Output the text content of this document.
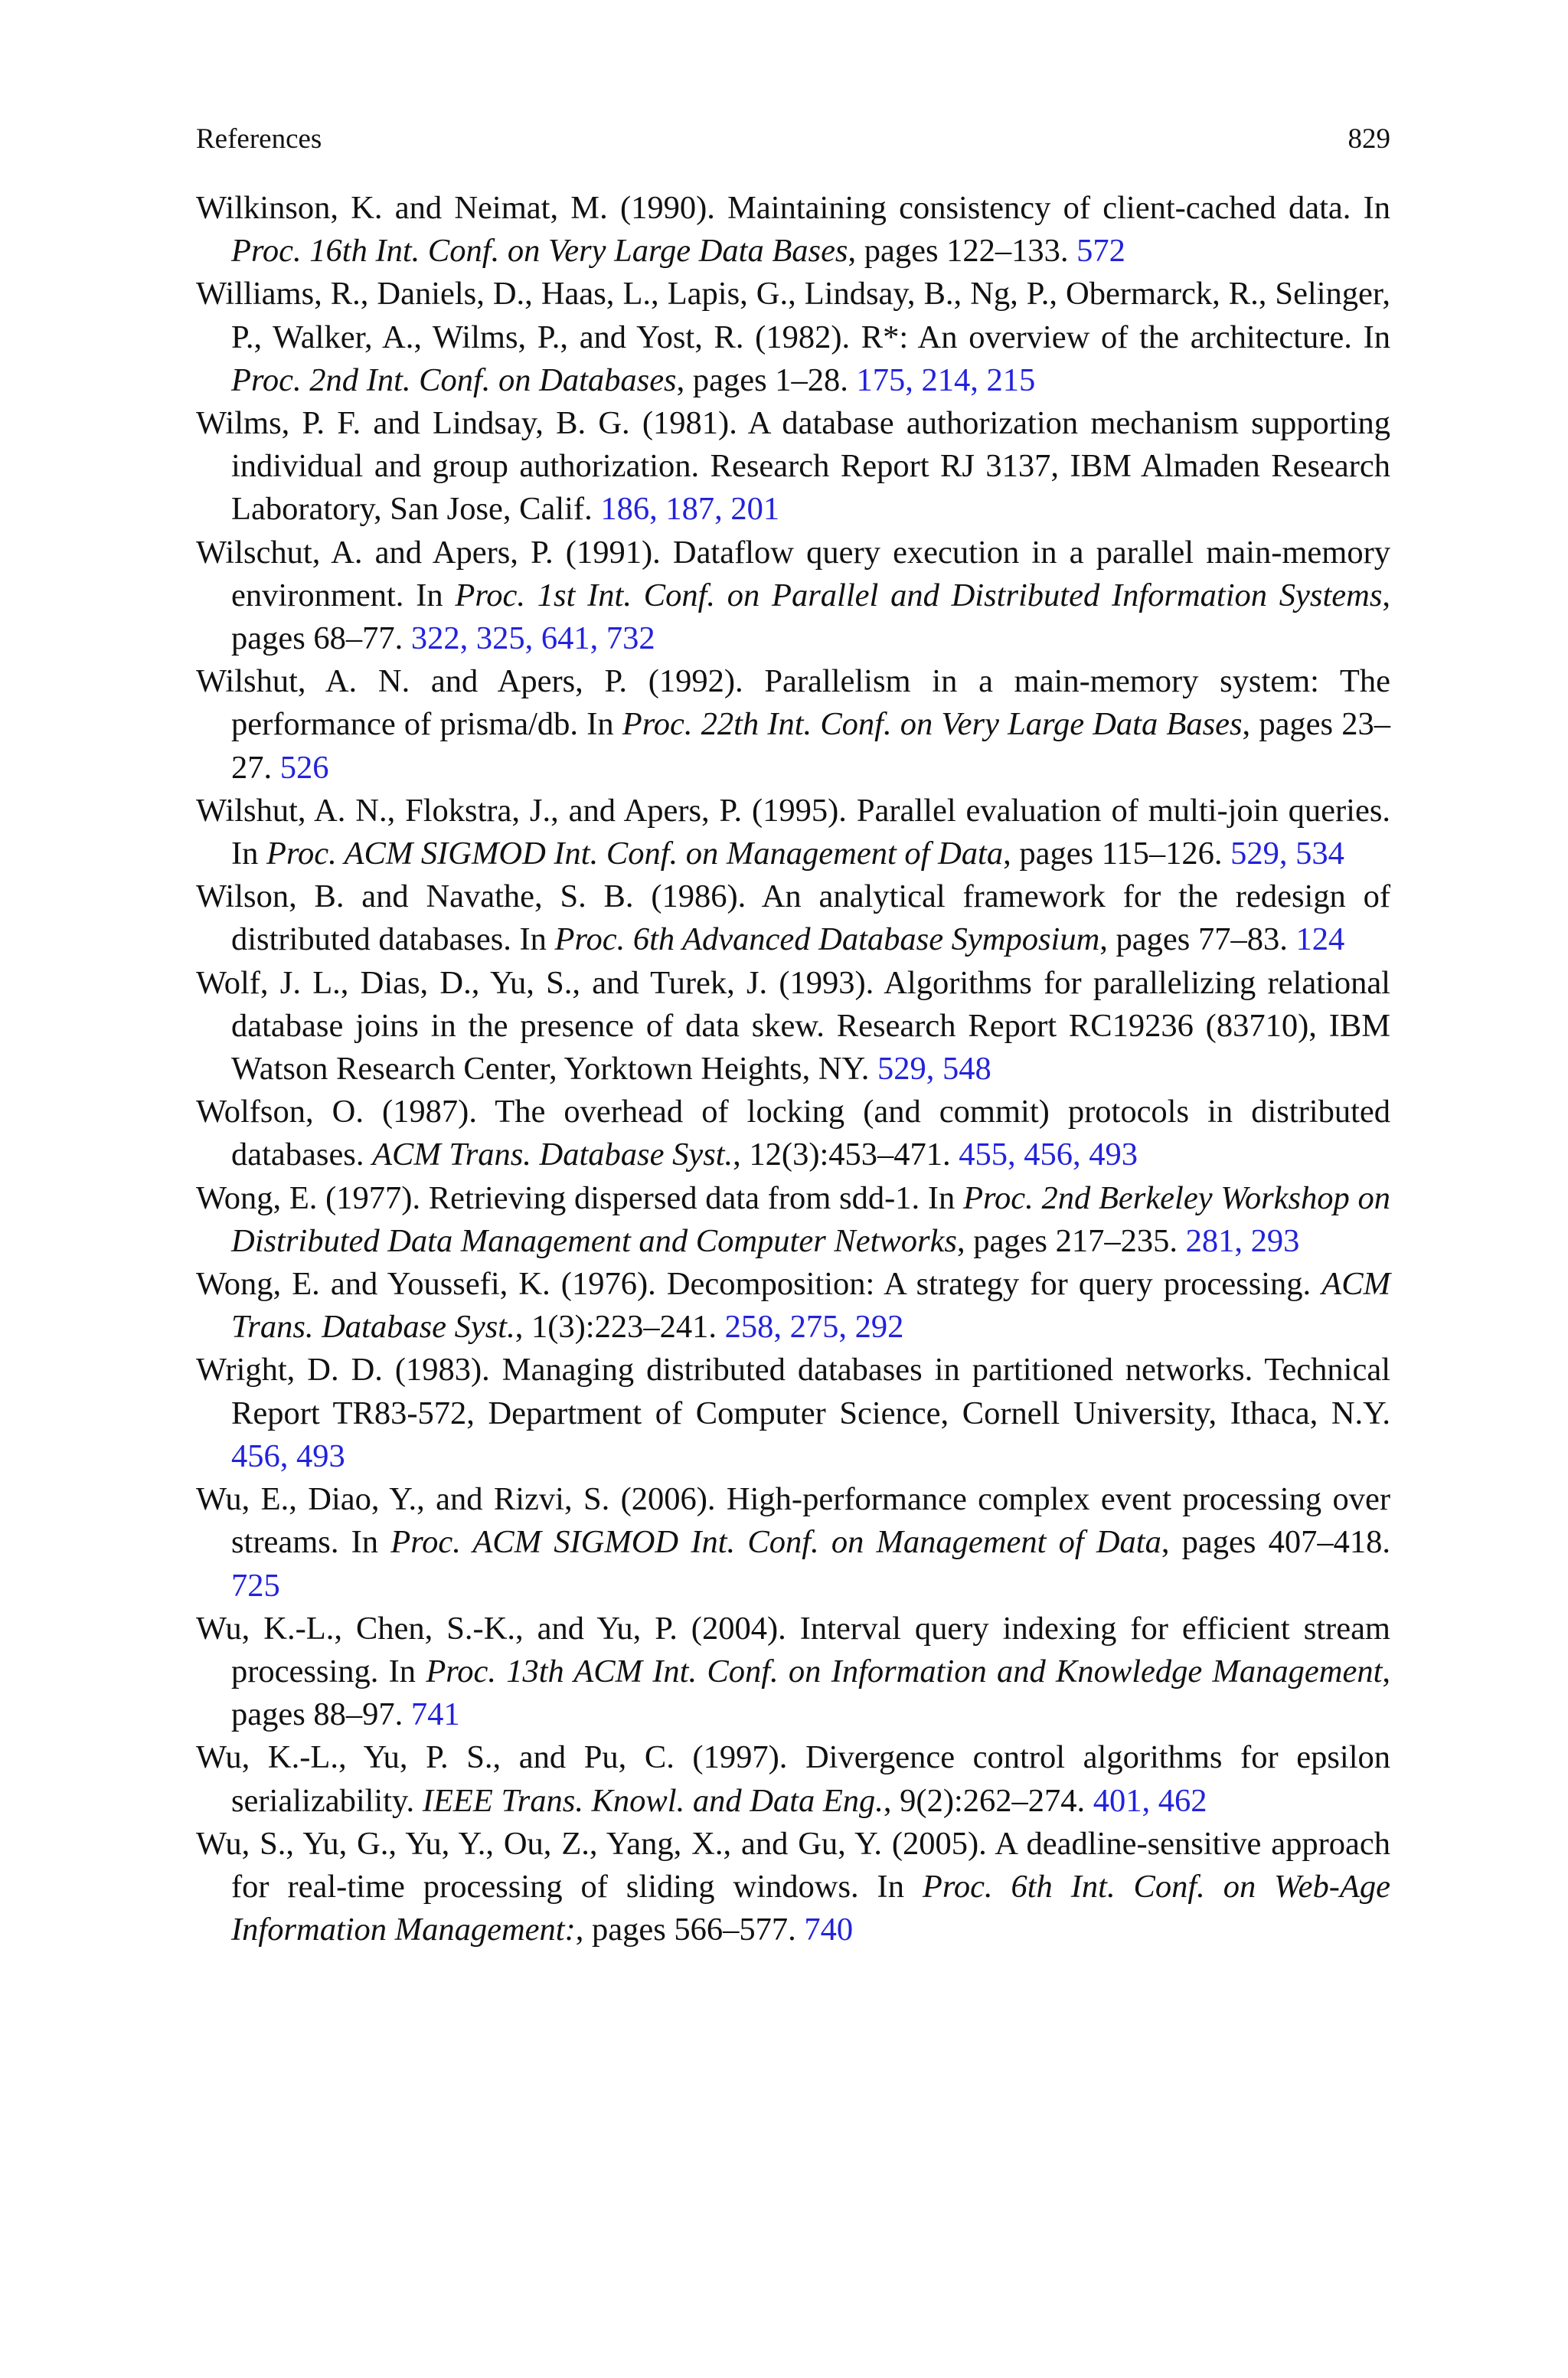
References	829
Wilkinson, K. and Neimat, M. (1990). Maintaining consistency of client-cached data. In Proc. 16th Int. Conf. on Very Large Data Bases, pages 122–133. 572
Williams, R., Daniels, D., Haas, L., Lapis, G., Lindsay, B., Ng, P., Obermarck, R., Selinger, P., Walker, A., Wilms, P., and Yost, R. (1982). R*: An overview of the architecture. In Proc. 2nd Int. Conf. on Databases, pages 1–28. 175, 214, 215
Wilms, P. F. and Lindsay, B. G. (1981). A database authorization mechanism supporting individual and group authorization. Research Report RJ 3137, IBM Almaden Research Laboratory, San Jose, Calif. 186, 187, 201
Wilschut, A. and Apers, P. (1991). Dataflow query execution in a parallel main-memory environment. In Proc. 1st Int. Conf. on Parallel and Distributed Information Systems, pages 68–77. 322, 325, 641, 732
Wilshut, A. N. and Apers, P. (1992). Parallelism in a main-memory system: The performance of prisma/db. In Proc. 22th Int. Conf. on Very Large Data Bases, pages 23–27. 526
Wilshut, A. N., Flokstra, J., and Apers, P. (1995). Parallel evaluation of multi-join queries. In Proc. ACM SIGMOD Int. Conf. on Management of Data, pages 115–126. 529, 534
Wilson, B. and Navathe, S. B. (1986). An analytical framework for the redesign of distributed databases. In Proc. 6th Advanced Database Symposium, pages 77–83. 124
Wolf, J. L., Dias, D., Yu, S., and Turek, J. (1993). Algorithms for parallelizing relational database joins in the presence of data skew. Research Report RC19236 (83710), IBM Watson Research Center, Yorktown Heights, NY. 529, 548
Wolfson, O. (1987). The overhead of locking (and commit) protocols in distributed databases. ACM Trans. Database Syst., 12(3):453–471. 455, 456, 493
Wong, E. (1977). Retrieving dispersed data from sdd-1. In Proc. 2nd Berkeley Workshop on Distributed Data Management and Computer Networks, pages 217–235. 281, 293
Wong, E. and Youssefi, K. (1976). Decomposition: A strategy for query processing. ACM Trans. Database Syst., 1(3):223–241. 258, 275, 292
Wright, D. D. (1983). Managing distributed databases in partitioned networks. Technical Report TR83-572, Department of Computer Science, Cornell University, Ithaca, N.Y. 456, 493
Wu, E., Diao, Y., and Rizvi, S. (2006). High-performance complex event processing over streams. In Proc. ACM SIGMOD Int. Conf. on Management of Data, pages 407–418. 725
Wu, K.-L., Chen, S.-K., and Yu, P. (2004). Interval query indexing for efficient stream processing. In Proc. 13th ACM Int. Conf. on Information and Knowledge Management, pages 88–97. 741
Wu, K.-L., Yu, P. S., and Pu, C. (1997). Divergence control algorithms for epsilon serializability. IEEE Trans. Knowl. and Data Eng., 9(2):262–274. 401, 462
Wu, S., Yu, G., Yu, Y., Ou, Z., Yang, X., and Gu, Y. (2005). A deadline-sensitive approach for real-time processing of sliding windows. In Proc. 6th Int. Conf. on Web-Age Information Management:, pages 566–577. 740
